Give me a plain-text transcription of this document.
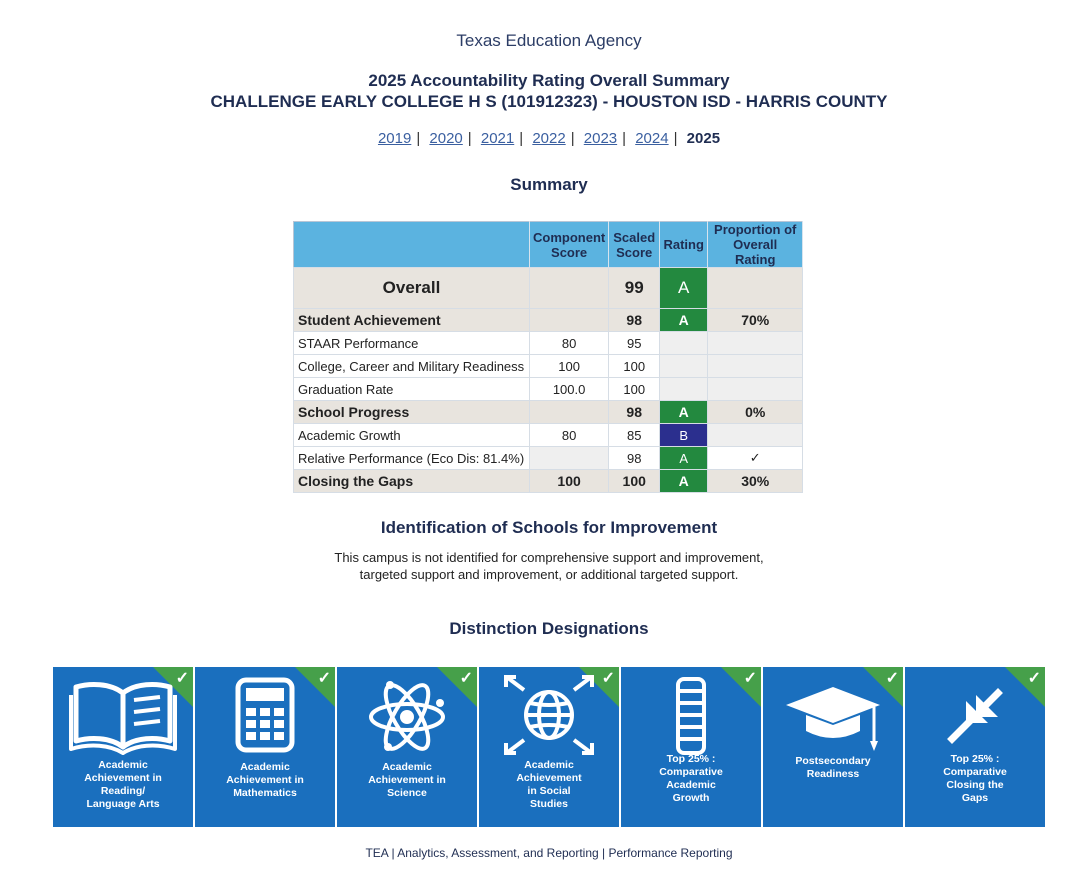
Texas Education Agency
2025 Accountability Rating Overall Summary
CHALLENGE EARLY COLLEGE H S (101912323) - HOUSTON ISD - HARRIS COUNTY
2019 | 2020 | 2021 | 2022 | 2023 | 2024 | 2025
Summary
	Component Score	Scaled Score	Rating	Proportion of Overall Rating
Overall		99	A	
Student Achievement		98	A	70%
STAAR Performance	80	95		
College, Career and Military Readiness	100	100		
Graduation Rate	100.0	100		
School Progress		98	A	0%
Academic Growth	80	85	B	
Relative Performance (Eco Dis: 81.4%)		98	A	✓
Closing the Gaps	100	100	A	30%
Identification of Schools for Improvement
This campus is not identified for comprehensive support and improvement,
targeted support and improvement, or additional targeted support.
Distinction Designations
✓
Academic
Achievement in
Reading/
Language Arts
✓
Academic
Achievement in
Mathematics
✓
Academic
Achievement in
Science
✓
Academic
Achievement
in Social
Studies
✓
Top 25% :
Comparative
Academic
Growth
✓
Postsecondary
Readiness
✓
Top 25% :
Comparative
Closing the
Gaps
TEA | Analytics, Assessment, and Reporting | Performance Reporting
